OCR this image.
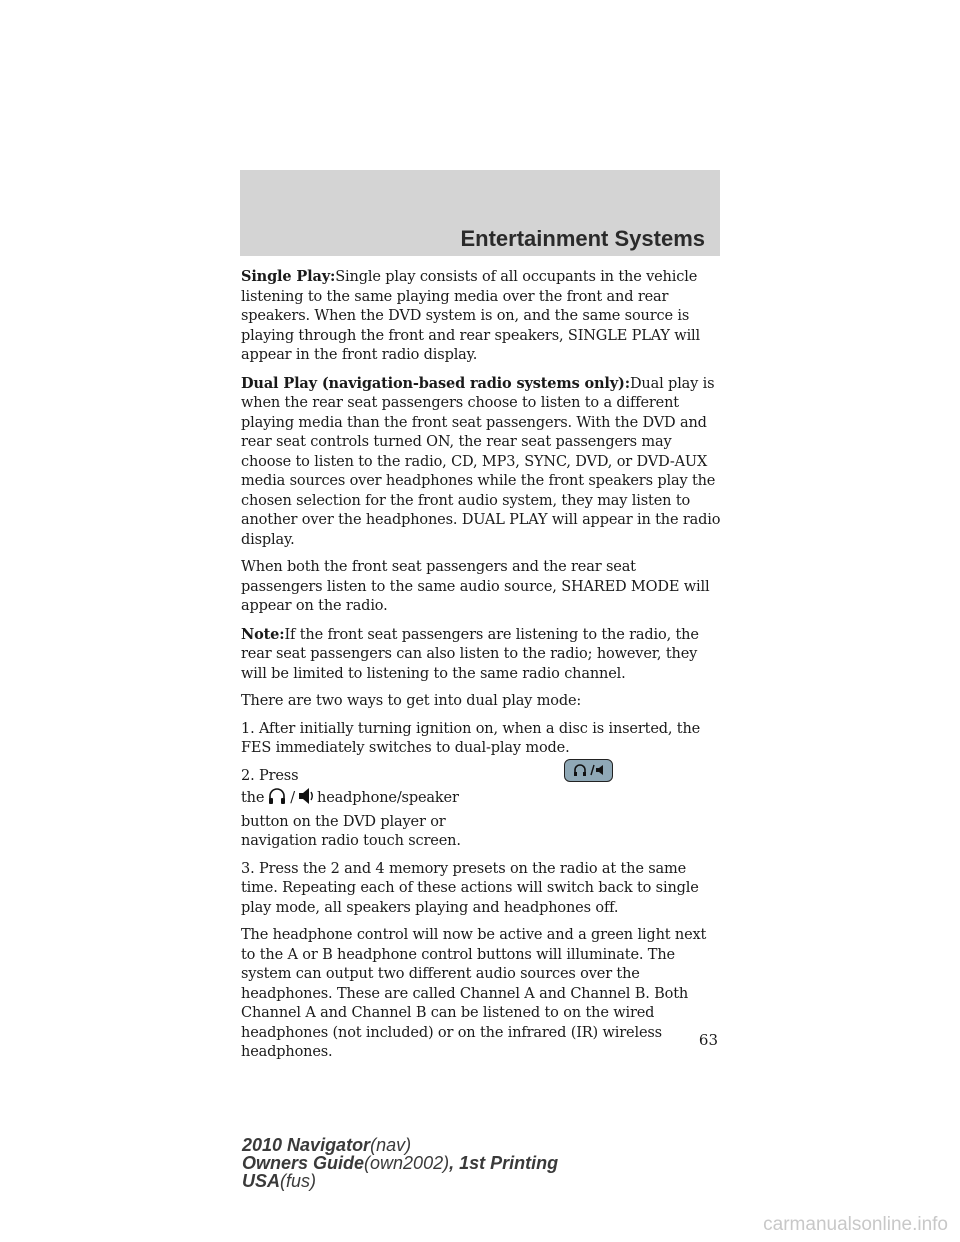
Entertainment Systems

Single Play:Single play consists of all occupants in the vehicle listening to the same playing media over the front and rear speakers. When the DVD system is on, and the same source is playing through the front and rear speakers, SINGLE PLAY will appear in the front radio display.

Dual Play (navigation-based radio systems only):Dual play is when the rear seat passengers choose to listen to a different playing media than the front seat passengers. With the DVD and rear seat controls turned ON, the rear seat passengers may choose to listen to the radio, CD, MP3, SYNC, DVD, or DVD-AUX media sources over headphones while the front speakers play the chosen selection for the front audio system, they may listen to another over the headphones. DUAL PLAY will appear in the radio display.

When both the front seat passengers and the rear seat passengers listen to the same audio source, SHARED MODE will appear on the radio.

Note:If the front seat passengers are listening to the radio, the rear seat passengers can also listen to the radio; however, they will be limited to listening to the same radio channel.

There are two ways to get into dual play mode:

1. After initially turning ignition on, when a disc is inserted, the FES immediately switches to dual-play mode.

2. Press

the / headphone/speaker

button on the DVD player or navigation radio touch screen.

3. Press the 2 and 4 memory presets on the radio at the same time. Repeating each of these actions will switch back to single play mode, all speakers playing and headphones off.

The headphone control will now be active and a green light next to the A or B headphone control buttons will illuminate. The system can output two different audio sources over the headphones. These are called Channel A and Channel B. Both Channel A and Channel B can be listened to on the wired headphones (not included) or on the infrared (IR) wireless headphones.

63

2010 Navigator(nav)
Owners Guide(own2002), 1st Printing
USA(fus)

carmanualsonline.info
